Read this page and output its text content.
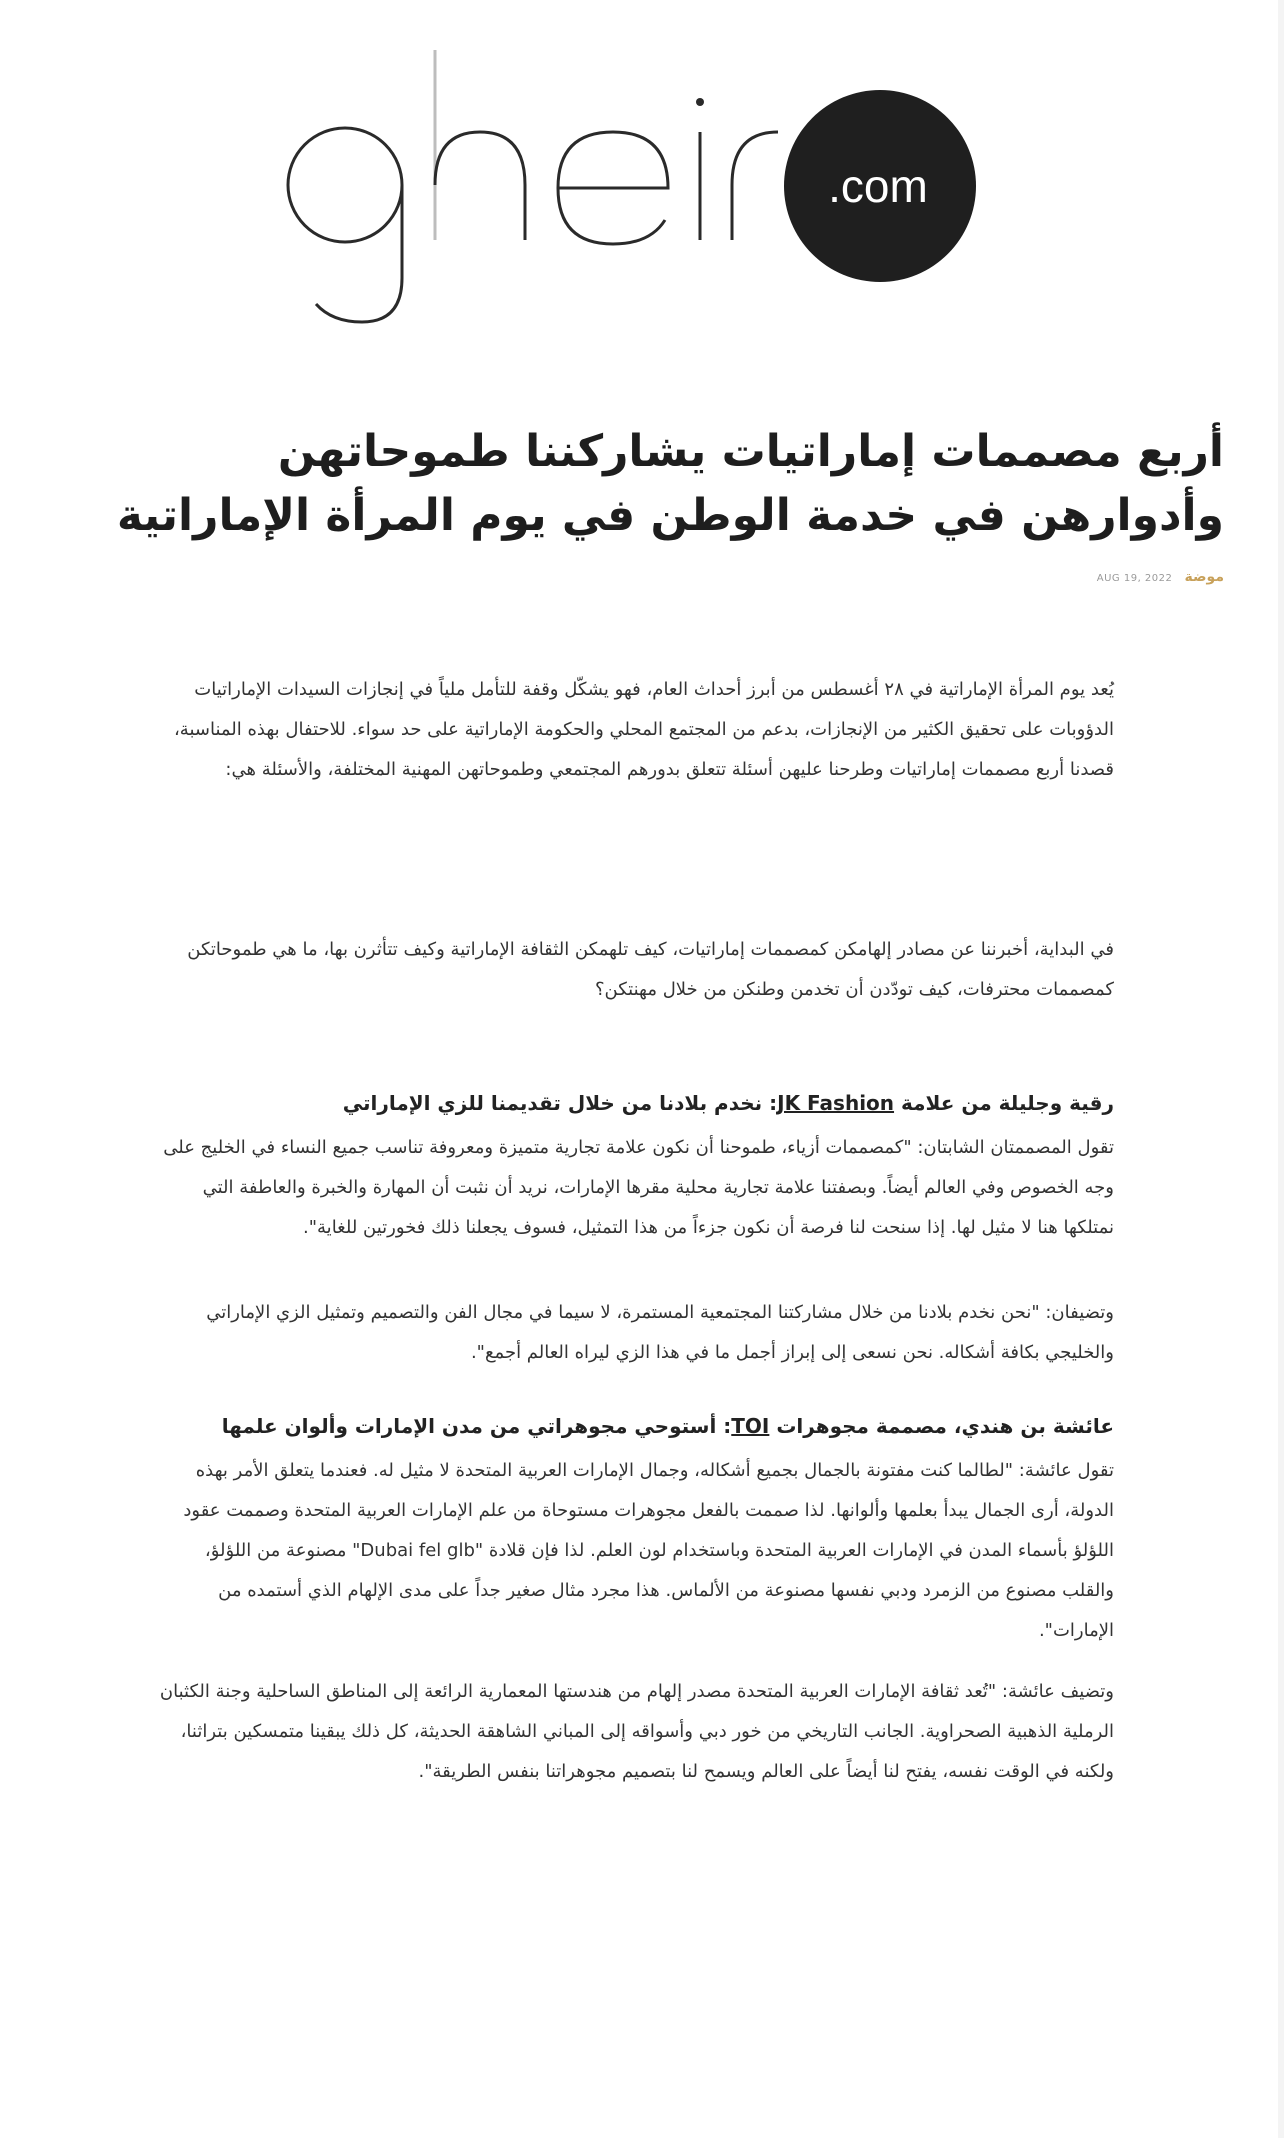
.com
أربع مصممات إماراتيات يشاركننا طموحاتهن وأدوارهن في خدمة الوطن في يوم المرأة الإماراتية
موضة AUG 19, 2022

يُعد يوم المرأة الإماراتية في ٢٨ أغسطس من أبرز أحداث العام، فهو يشكّل وقفة للتأمل ملياً في إنجازات السيدات الإماراتيات الدؤوبات على تحقيق الكثير من الإنجازات، بدعم من المجتمع المحلي والحكومة الإماراتية على حد سواء. للاحتفال بهذه المناسبة، قصدنا أربع مصممات إماراتيات وطرحنا عليهن أسئلة تتعلق بدورهم المجتمعي وطموحاتهن المهنية المختلفة، والأسئلة هي:

في البداية، أخبرننا عن مصادر إلهامكن كمصممات إماراتيات، كيف تلهمكن الثقافة الإماراتية وكيف تتأثرن بها، ما هي طموحاتكن كمصممات محترفات، كيف تودّدن أن تخدمن وطنكن من خلال مهنتكن؟

رقية وجليلة من علامة JK Fashion: نخدم بلادنا من خلال تقديمنا للزي الإماراتي

تقول المصممتان الشابتان: "كمصممات أزياء، طموحنا أن نكون علامة تجارية متميزة ومعروفة تناسب جميع النساء في الخليج على وجه الخصوص وفي العالم أيضاً. وبصفتنا علامة تجارية محلية مقرها الإمارات، نريد أن نثبت أن المهارة والخبرة والعاطفة التي نمتلكها هنا لا مثيل لها. إذا سنحت لنا فرصة أن نكون جزءاً من هذا التمثيل، فسوف يجعلنا ذلك فخورتين للغاية".

وتضيفان: "نحن نخدم بلادنا من خلال مشاركتنا المجتمعية المستمرة، لا سيما في مجال الفن والتصميم وتمثيل الزي الإماراتي والخليجي بكافة أشكاله. نحن نسعى إلى إبراز أجمل ما في هذا الزي ليراه العالم أجمع".

عائشة بن هندي، مصممة مجوهرات TOI: أستوحي مجوهراتي من مدن الإمارات وألوان علمها

تقول عائشة: "لطالما كنت مفتونة بالجمال بجميع أشكاله، وجمال الإمارات العربية المتحدة لا مثيل له. فعندما يتعلق الأمر بهذه الدولة، أرى الجمال يبدأ بعلمها وألوانها. لذا صممت بالفعل مجوهرات مستوحاة من علم الإمارات العربية المتحدة وصممت عقود اللؤلؤ بأسماء المدن في الإمارات العربية المتحدة وباستخدام لون العلم. لذا فإن قلادة "Dubai fel glb" مصنوعة من اللؤلؤ، والقلب مصنوع من الزمرد ودبي نفسها مصنوعة من الألماس. هذا مجرد مثال صغير جداً على مدى الإلهام الذي أستمده من الإمارات".

وتضيف عائشة: "تُعد ثقافة الإمارات العربية المتحدة مصدر إلهام من هندستها المعمارية الرائعة إلى المناطق الساحلية وجنة الكثبان الرملية الذهبية الصحراوية. الجانب التاريخي من خور دبي وأسواقه إلى المباني الشاهقة الحديثة، كل ذلك يبقينا متمسكين بتراثنا، ولكنه في الوقت نفسه، يفتح لنا أيضاً على العالم ويسمح لنا بتصميم مجوهراتنا بنفس الطريقة".
